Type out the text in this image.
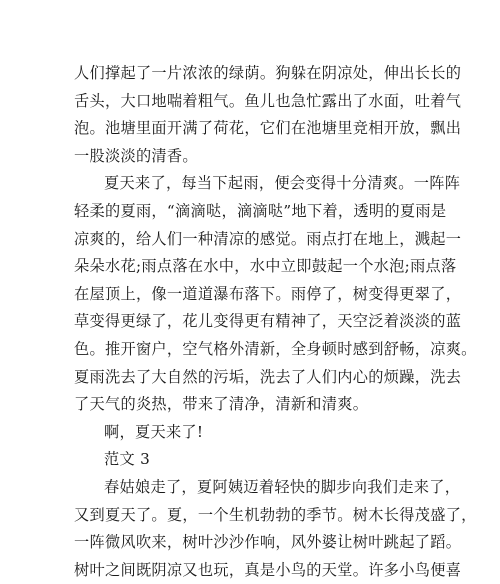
人们撑起了一片浓浓的绿荫。狗躲在阴凉处，伸出长长的
舌头，大口地喘着粗气。鱼儿也急忙露出了水面，吐着气
泡。池塘里面开满了荷花，它们在池塘里竞相开放，飘出
一股淡淡的清香。
夏天来了，每当下起雨，便会变得十分清爽。一阵阵
轻柔的夏雨，“滴滴哒，滴滴哒”地下着，透明的夏雨是
凉爽的，给人们一种清凉的感觉。雨点打在地上，溅起一
朵朵水花;雨点落在水中，水中立即鼓起一个水泡;雨点落
在屋顶上，像一道道瀑布落下。雨停了，树变得更翠了，
草变得更绿了，花儿变得更有精神了，天空泛着淡淡的蓝
色。推开窗户，空气格外清新，全身顿时感到舒畅，凉爽。
夏雨洗去了大自然的污垢，洗去了人们内心的烦躁，洗去
了天气的炎热，带来了清净，清新和清爽。
啊，夏天来了!
范文 3
春姑娘走了，夏阿姨迈着轻快的脚步向我们走来了，
又到夏天了。夏，一个生机勃勃的季节。树木长得茂盛了，
一阵微风吹来，树叶沙沙作响，风外婆让树叶跳起了蹈。
树叶之间既阴凉又也玩，真是小鸟的天堂。许多小鸟便喜
